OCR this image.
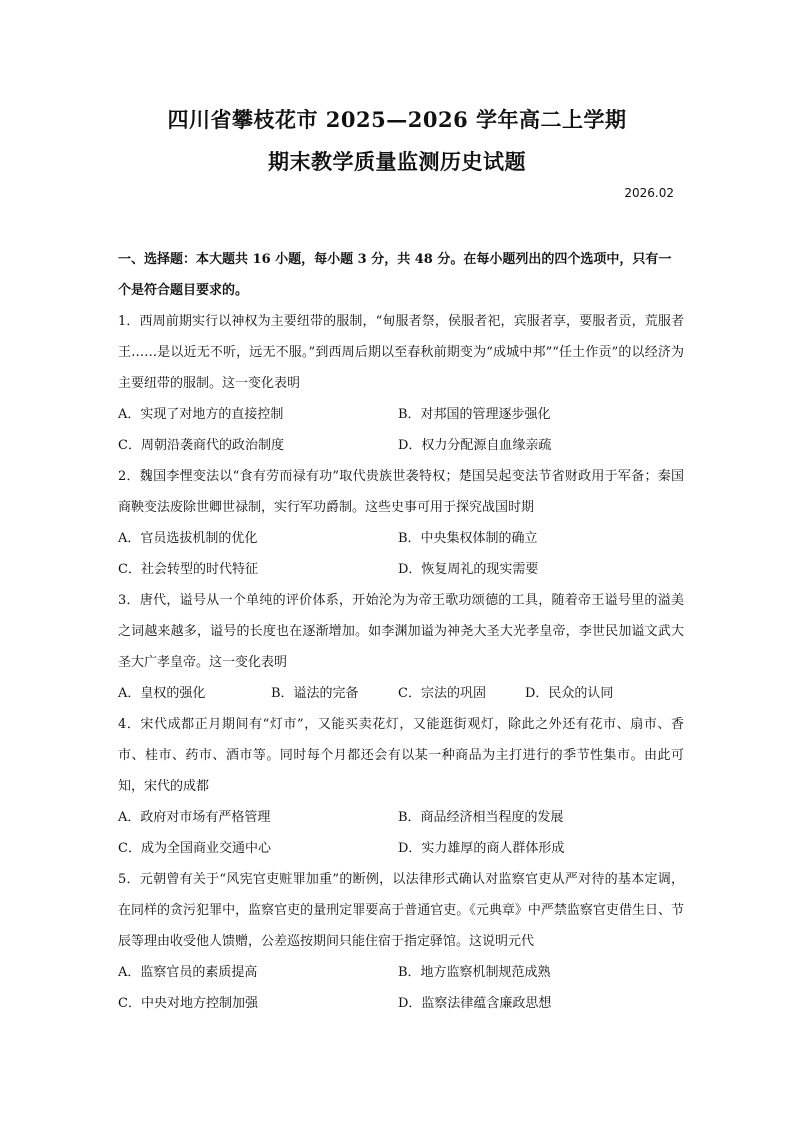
四川省攀枝花市 2025—2026 学年高二上学期
期末教学质量监测历史试题
2026.02
一、选择题：本大题共 16 小题，每小题 3 分，共 48 分。在每小题列出的四个选项中，只有一个是符合题目要求的。
1．西周前期实行以神权为主要纽带的服制，“甸服者祭，侯服者祀，宾服者享，要服者贡，荒服者王……是以近无不听，远无不服。”到西周后期以至春秋前期变为“成城中邦”“任土作贡”的以经济为主要纽带的服制。这一变化表明
A．实现了对地方的直接控制	B．对邦国的管理逐步强化
C．周朝沿袭商代的政治制度	D．权力分配源自血缘亲疏
2．魏国李悝变法以“食有劳而禄有功”取代贵族世袭特权；楚国吴起变法节省财政用于军备；秦国商鞅变法废除世卿世禄制，实行军功爵制。这些史事可用于探究战国时期
A．官员选拔机制的优化	B．中央集权体制的确立
C．社会转型的时代特征	D．恢复周礼的现实需要
3．唐代，谥号从一个单纯的评价体系，开始沦为为帝王歌功颂德的工具，随着帝王谥号里的溢美之词越来越多，谥号的长度也在逐渐增加。如李渊加谥为神尧大圣大光孝皇帝，李世民加谥文武大圣大广孝皇帝。这一变化表明
A．皇权的强化	B．谥法的完备	C．宗法的巩固	D．民众的认同
4．宋代成都正月期间有“灯市”，又能买卖花灯，又能逛街观灯，除此之外还有花市、扇市、香市、桂市、药市、酒市等。同时每个月都还会有以某一种商品为主打进行的季节性集市。由此可知，宋代的成都
A．政府对市场有严格管理	B．商品经济相当程度的发展
C．成为全国商业交通中心	D．实力雄厚的商人群体形成
5．元朝曾有关于“风宪官吏赃罪加重”的断例，以法律形式确认对监察官吏从严对待的基本定调，在同样的贪污犯罪中，监察官吏的量刑定罪要高于普通官吏。《元典章》中严禁监察官吏借生日、节辰等理由收受他人馈赠，公差巡按期间只能住宿于指定驿馆。这说明元代
A．监察官员的素质提高	B．地方监察机制规范成熟
C．中央对地方控制加强	D．监察法律蕴含廉政思想
